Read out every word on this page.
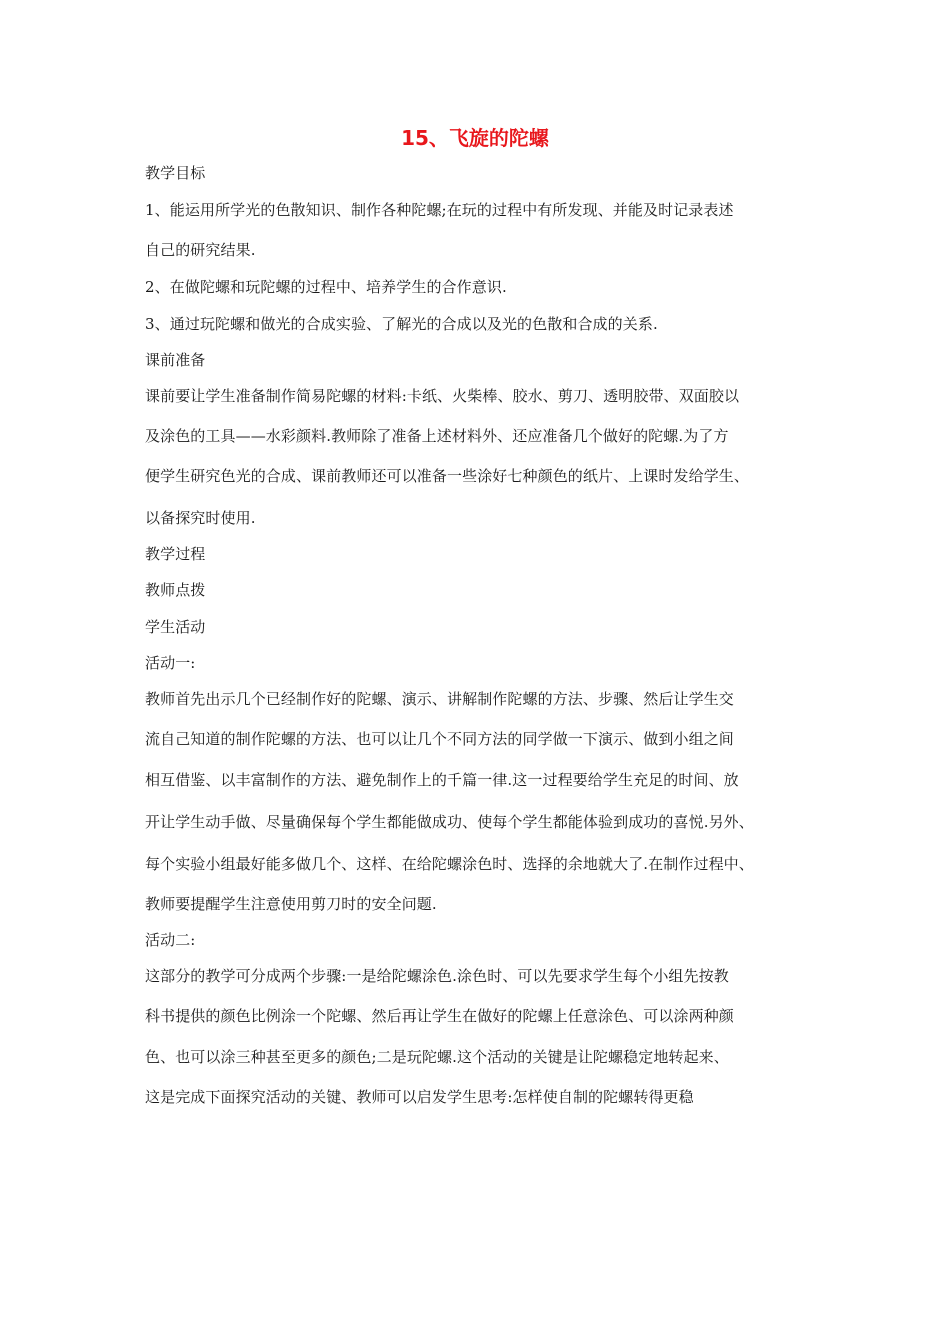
15、飞旋的陀螺
教学目标
1、能运用所学光的色散知识、制作各种陀螺;在玩的过程中有所发现、并能及时记录表述
自己的研究结果.
2、在做陀螺和玩陀螺的过程中、培养学生的合作意识.
3、通过玩陀螺和做光的合成实验、了解光的合成以及光的色散和合成的关系.
课前准备
课前要让学生准备制作简易陀螺的材料:卡纸、火柴棒、胶水、剪刀、透明胶带、双面胶以
及涂色的工具——水彩颜料.教师除了准备上述材料外、还应准备几个做好的陀螺.为了方
便学生研究色光的合成、课前教师还可以准备一些涂好七种颜色的纸片、上课时发给学生、
以备探究时使用.
教学过程
教师点拨
学生活动
活动一:
教师首先出示几个已经制作好的陀螺、演示、讲解制作陀螺的方法、步骤、然后让学生交
流自己知道的制作陀螺的方法、也可以让几个不同方法的同学做一下演示、做到小组之间
相互借鉴、以丰富制作的方法、避免制作上的千篇一律.这一过程要给学生充足的时间、放
开让学生动手做、尽量确保每个学生都能做成功、使每个学生都能体验到成功的喜悦.另外、
每个实验小组最好能多做几个、这样、在给陀螺涂色时、选择的余地就大了.在制作过程中、
教师要提醒学生注意使用剪刀时的安全问题.
活动二:
这部分的教学可分成两个步骤:一是给陀螺涂色.涂色时、可以先要求学生每个小组先按教
科书提供的颜色比例涂一个陀螺、然后再让学生在做好的陀螺上任意涂色、可以涂两种颜
色、也可以涂三种甚至更多的颜色;二是玩陀螺.这个活动的关键是让陀螺稳定地转起来、
这是完成下面探究活动的关键、教师可以启发学生思考:怎样使自制的陀螺转得更稳
